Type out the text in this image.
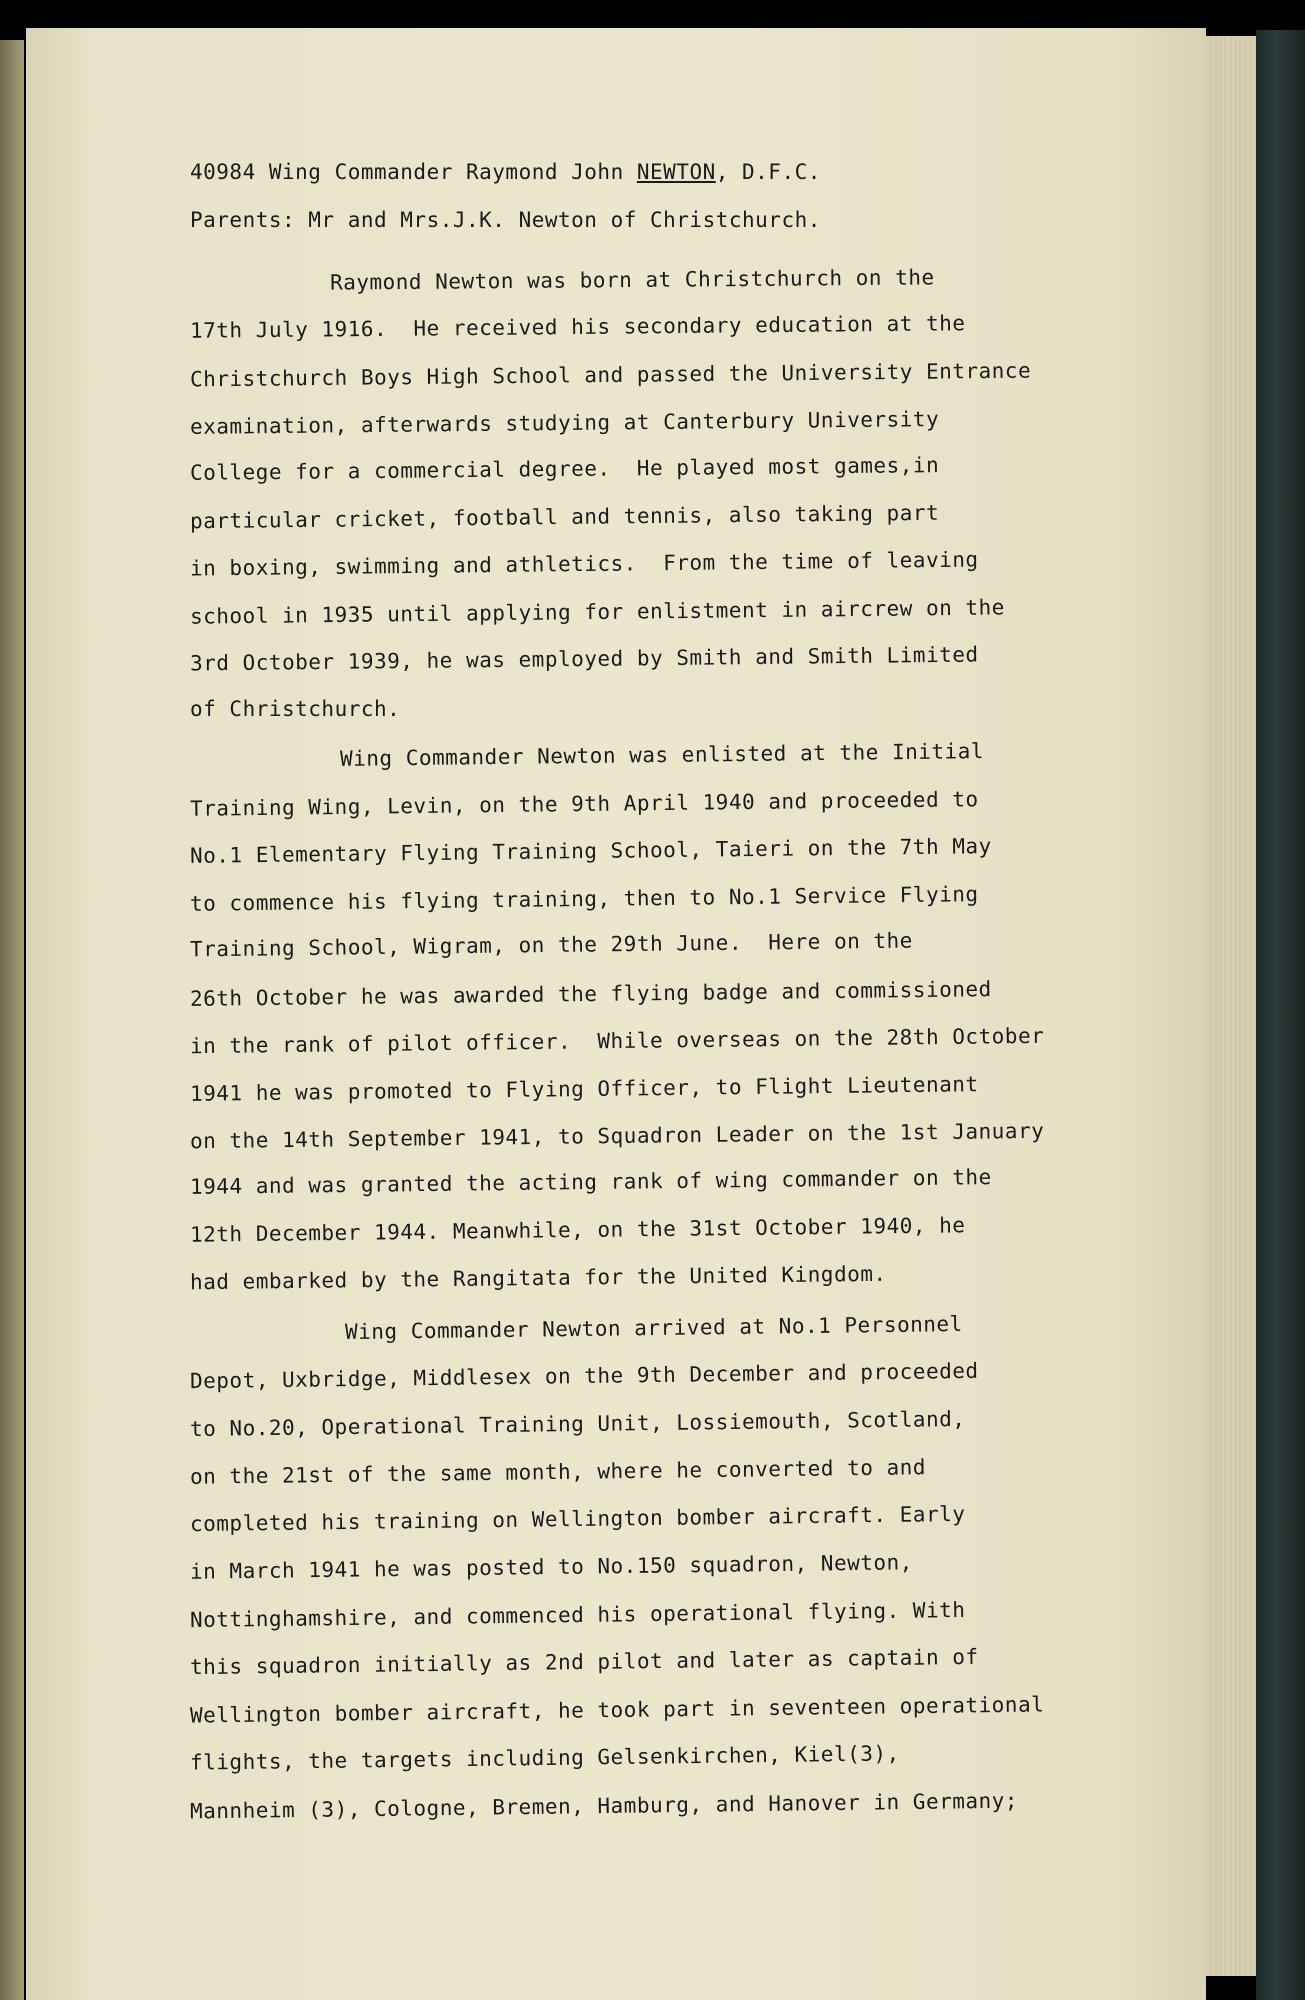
40984 Wing Commander Raymond John NEWTON, D.F.C.
Parents: Mr and Mrs.J.K. Newton of Christchurch.
Raymond Newton was born at Christchurch on the
17th July 1916.  He received his secondary education at the
Christchurch Boys High School and passed the University Entrance
examination, afterwards studying at Canterbury University
College for a commercial degree.  He played most games,in
particular cricket, football and tennis, also taking part
in boxing, swimming and athletics.  From the time of leaving
school in 1935 until applying for enlistment in aircrew on the
3rd October 1939, he was employed by Smith and Smith Limited
of Christchurch.
Wing Commander Newton was enlisted at the Initial
Training Wing, Levin, on the 9th April 1940 and proceeded to
No.1 Elementary Flying Training School, Taieri on the 7th May
to commence his flying training, then to No.1 Service Flying
Training School, Wigram, on the 29th June.  Here on the
26th October he was awarded the flying badge and commissioned
in the rank of pilot officer.  While overseas on the 28th October
1941 he was promoted to Flying Officer, to Flight Lieutenant
on the 14th September 1941, to Squadron Leader on the 1st January
1944 and was granted the acting rank of wing commander on the
12th December 1944. Meanwhile, on the 31st October 1940, he
had embarked by the Rangitata for the United Kingdom.
Wing Commander Newton arrived at No.1 Personnel
Depot, Uxbridge, Middlesex on the 9th December and proceeded
to No.20, Operational Training Unit, Lossiemouth, Scotland,
on the 21st of the same month, where he converted to and
completed his training on Wellington bomber aircraft. Early
in March 1941 he was posted to No.150 squadron, Newton,
Nottinghamshire, and commenced his operational flying. With
this squadron initially as 2nd pilot and later as captain of
Wellington bomber aircraft, he took part in seventeen operational
flights, the targets including Gelsenkirchen, Kiel(3),
Mannheim (3), Cologne, Bremen, Hamburg, and Hanover in Germany;
